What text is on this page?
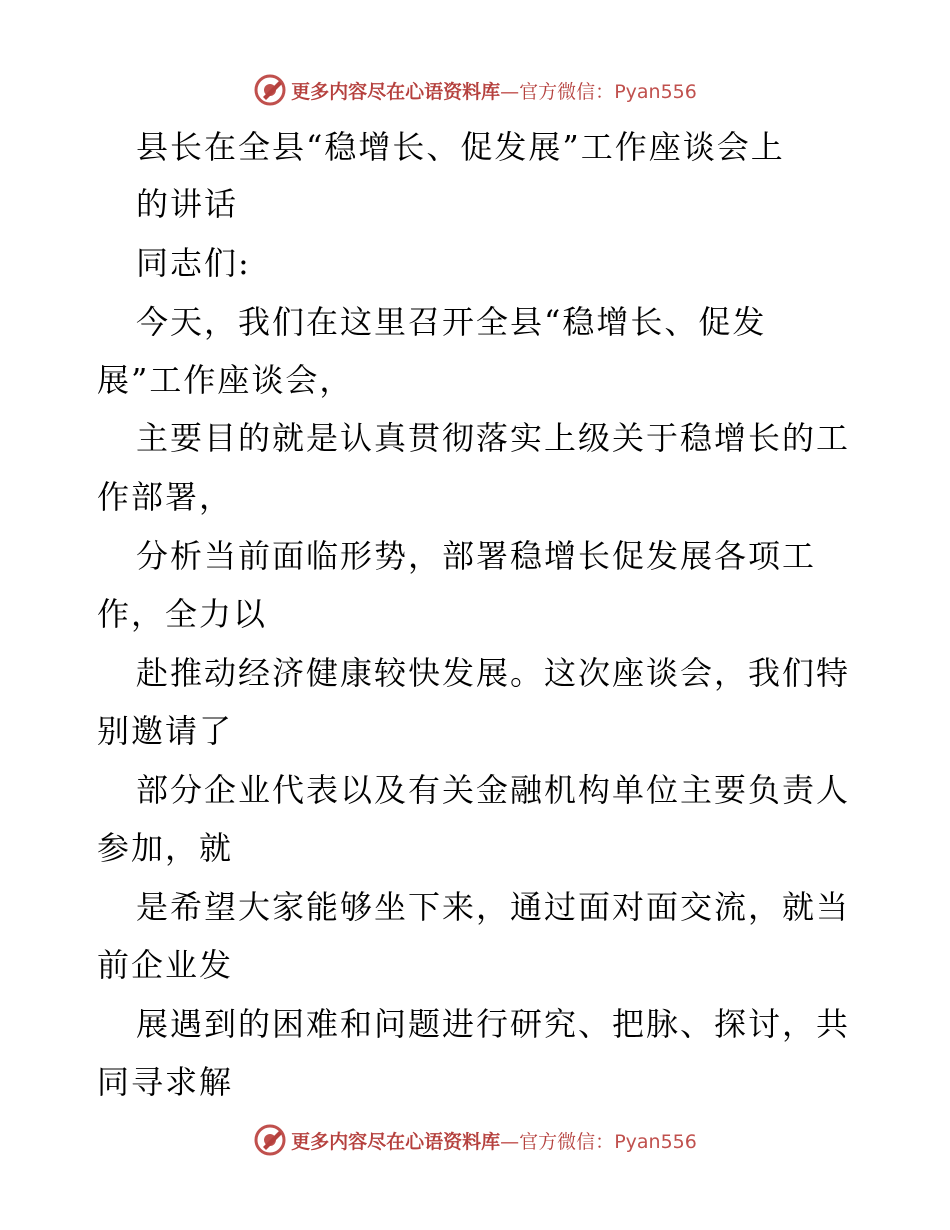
更多内容尽在心语资料库—官方微信：Pyan556
县长在全县“稳增长、促发展”工作座谈会上
的讲话
同志们:
今天，我们在这里召开全县“稳增长、促发
展”工作座谈会，
主要目的就是认真贯彻落实上级关于稳增长的工
作部署，
分析当前面临形势，部署稳增长促发展各项工
作，全力以
赴推动经济健康较快发展。这次座谈会，我们特
别邀请了
部分企业代表以及有关金融机构单位主要负责人
参加，就
是希望大家能够坐下来，通过面对面交流，就当
前企业发
展遇到的困难和问题进行研究、把脉、探讨，共
同寻求解
更多内容尽在心语资料库—官方微信：Pyan556
